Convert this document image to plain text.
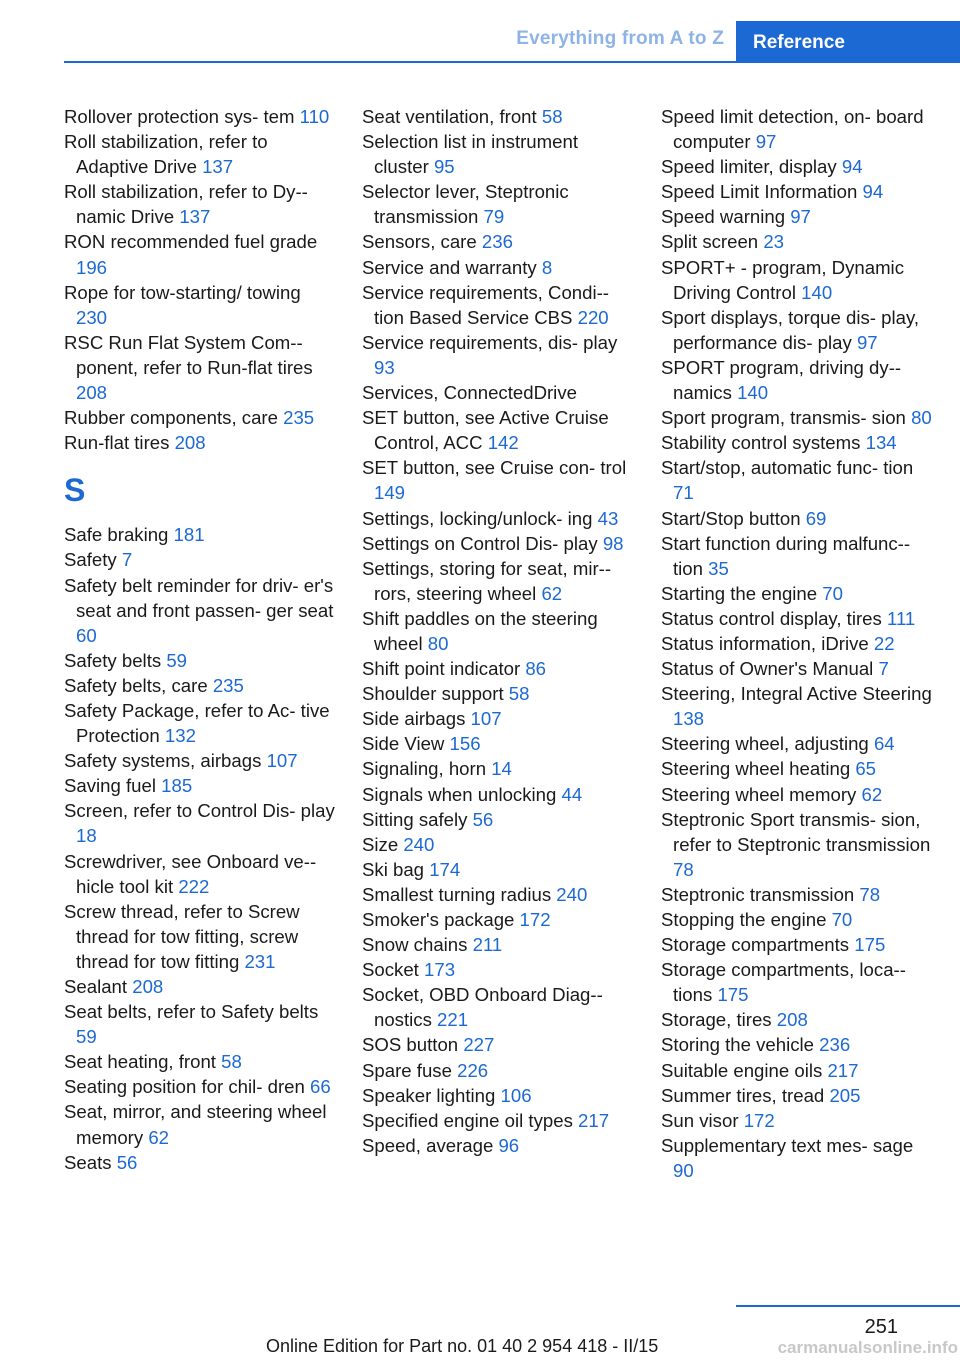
Everything from A to Z	Reference

Rollover protection sys- tem 110

Roll stabilization, refer to Adaptive Drive 137

Roll stabilization, refer to Dy- namic Drive 137

RON recommended fuel grade 196

Rope for tow-starting/ towing 230

RSC Run Flat System Com- ponent, refer to Run-flat tires 208

Rubber components, care 235

Run-flat tires 208

S

Safe braking 181

Safety 7

Safety belt reminder for driv- er's seat and front passen- ger seat 60

Safety belts 59

Safety belts, care 235

Safety Package, refer to Ac- tive Protection 132

Safety systems, airbags 107

Saving fuel 185

Screen, refer to Control Dis- play 18

Screwdriver, see Onboard ve- hicle tool kit 222

Screw thread, refer to Screw thread for tow fitting, screw thread for tow fitting 231

Sealant 208

Seat belts, refer to Safety belts 59

Seat heating, front 58

Seating position for chil- dren 66

Seat, mirror, and steering wheel memory 62

Seats 56

Seat ventilation, front 58

Selection list in instrument cluster 95

Selector lever, Steptronic transmission 79

Sensors, care 236

Service and warranty 8

Service requirements, Condi- tion Based Service CBS 220

Service requirements, dis- play 93

Services, ConnectedDrive

SET button, see Active Cruise Control, ACC 142

SET button, see Cruise con- trol 149

Settings, locking/unlock- ing 43

Settings on Control Dis- play 98

Settings, storing for seat, mir- rors, steering wheel 62

Shift paddles on the steering wheel 80

Shift point indicator 86

Shoulder support 58

Side airbags 107

Side View 156

Signaling, horn 14

Signals when unlocking 44

Sitting safely 56

Size 240

Ski bag 174

Smallest turning radius 240

Smoker's package 172

Snow chains 211

Socket 173

Socket, OBD Onboard Diag- nostics 221

SOS button 227

Spare fuse 226

Speaker lighting 106

Specified engine oil types 217

Speed, average 96

Speed limit detection, on- board computer 97

Speed limiter, display 94

Speed Limit Information 94

Speed warning 97

Split screen 23

SPORT+ - program, Dynamic Driving Control 140

Sport displays, torque dis- play, performance dis- play 97

SPORT program, driving dy- namics 140

Sport program, transmis- sion 80

Stability control systems 134

Start/stop, automatic func- tion 71

Start/Stop button 69

Start function during malfunc- tion 35

Starting the engine 70

Status control display, tires 111

Status information, iDrive 22

Status of Owner's Manual 7

Steering, Integral Active Steering 138

Steering wheel, adjusting 64

Steering wheel heating 65

Steering wheel memory 62

Steptronic Sport transmis- sion, refer to Steptronic transmission 78

Steptronic transmission 78

Stopping the engine 70

Storage compartments 175

Storage compartments, loca- tions 175

Storage, tires 208

Storing the vehicle 236

Suitable engine oils 217

Summer tires, tread 205

Sun visor 172

Supplementary text mes- sage 90

251
Online Edition for Part no. 01 40 2 954 418 - II/15	carmanualsonline.info
